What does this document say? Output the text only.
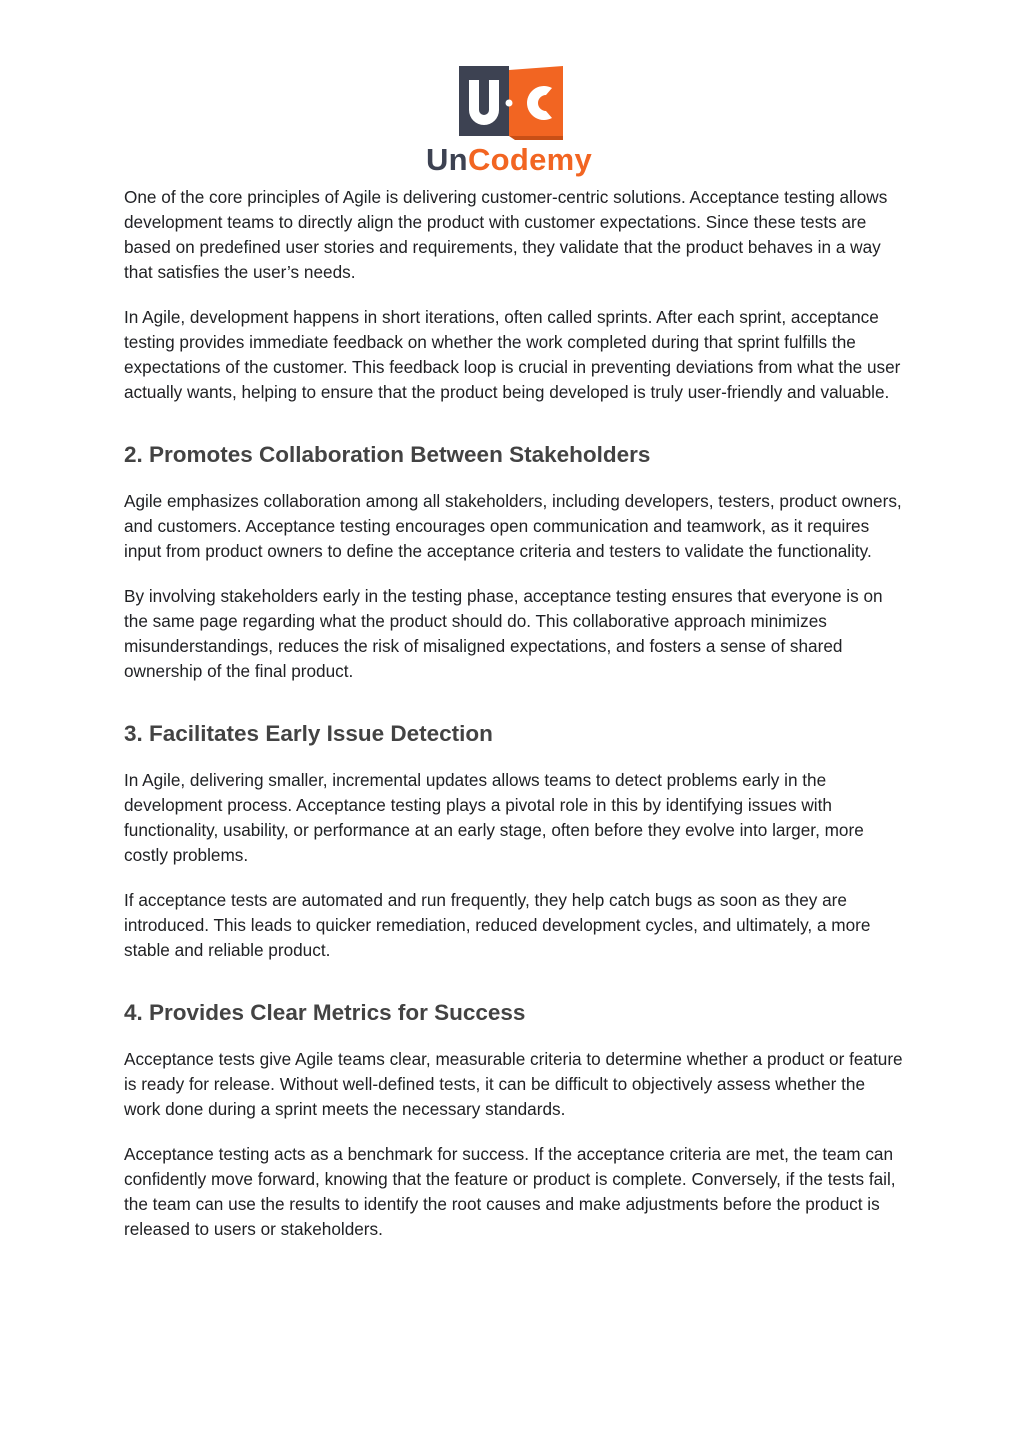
UnCodemy

One of the core principles of Agile is delivering customer-centric solutions. Acceptance testing allows development teams to directly align the product with customer expectations. Since these tests are based on predefined user stories and requirements, they validate that the product behaves in a way that satisfies the user’s needs.

In Agile, development happens in short iterations, often called sprints. After each sprint, acceptance testing provides immediate feedback on whether the work completed during that sprint fulfills the expectations of the customer. This feedback loop is crucial in preventing deviations from what the user actually wants, helping to ensure that the product being developed is truly user-friendly and valuable.

2. Promotes Collaboration Between Stakeholders

Agile emphasizes collaboration among all stakeholders, including developers, testers, product owners, and customers. Acceptance testing encourages open communication and teamwork, as it requires input from product owners to define the acceptance criteria and testers to validate the functionality.

By involving stakeholders early in the testing phase, acceptance testing ensures that everyone is on the same page regarding what the product should do. This collaborative approach minimizes misunderstandings, reduces the risk of misaligned expectations, and fosters a sense of shared ownership of the final product.

3. Facilitates Early Issue Detection

In Agile, delivering smaller, incremental updates allows teams to detect problems early in the development process. Acceptance testing plays a pivotal role in this by identifying issues with functionality, usability, or performance at an early stage, often before they evolve into larger, more costly problems.

If acceptance tests are automated and run frequently, they help catch bugs as soon as they are introduced. This leads to quicker remediation, reduced development cycles, and ultimately, a more stable and reliable product.

4. Provides Clear Metrics for Success

Acceptance tests give Agile teams clear, measurable criteria to determine whether a product or feature is ready for release. Without well-defined tests, it can be difficult to objectively assess whether the work done during a sprint meets the necessary standards.

Acceptance testing acts as a benchmark for success. If the acceptance criteria are met, the team can confidently move forward, knowing that the feature or product is complete. Conversely, if the tests fail, the team can use the results to identify the root causes and make adjustments before the product is released to users or stakeholders.
